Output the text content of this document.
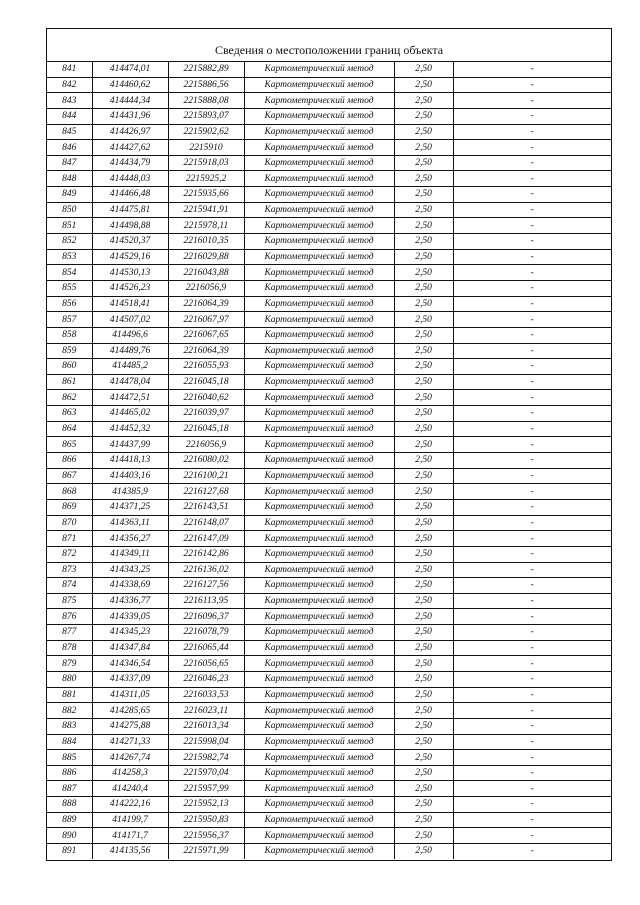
Сведения о местоположении границ объекта
841	414474,01	2215882,89	Картометрический метод	2,50	-
842	414460,62	2215886,56	Картометрический метод	2,50	-
843	414444,34	2215888,08	Картометрический метод	2,50	-
844	414431,96	2215893,07	Картометрический метод	2,50	-
845	414426,97	2215902,62	Картометрический метод	2,50	-
846	414427,62	2215910	Картометрический метод	2,50	-
847	414434,79	2215918,03	Картометрический метод	2,50	-
848	414448,03	2215925,2	Картометрический метод	2,50	-
849	414466,48	2215935,66	Картометрический метод	2,50	-
850	414475,81	2215941,91	Картометрический метод	2,50	-
851	414498,88	2215978,11	Картометрический метод	2,50	-
852	414520,37	2216010,35	Картометрический метод	2,50	-
853	414529,16	2216029,88	Картометрический метод	2,50	-
854	414530,13	2216043,88	Картометрический метод	2,50	-
855	414526,23	2216056,9	Картометрический метод	2,50	-
856	414518,41	2216064,39	Картометрический метод	2,50	-
857	414507,02	2216067,97	Картометрический метод	2,50	-
858	414496,6	2216067,65	Картометрический метод	2,50	-
859	414489,76	2216064,39	Картометрический метод	2,50	-
860	414485,2	2216055,93	Картометрический метод	2,50	-
861	414478,04	2216045,18	Картометрический метод	2,50	-
862	414472,51	2216040,62	Картометрический метод	2,50	-
863	414465,02	2216039,97	Картометрический метод	2,50	-
864	414452,32	2216045,18	Картометрический метод	2,50	-
865	414437,99	2216056,9	Картометрический метод	2,50	-
866	414418,13	2216080,02	Картометрический метод	2,50	-
867	414403,16	2216100,21	Картометрический метод	2,50	-
868	414385,9	2216127,68	Картометрический метод	2,50	-
869	414371,25	2216143,51	Картометрический метод	2,50	-
870	414363,11	2216148,07	Картометрический метод	2,50	-
871	414356,27	2216147,09	Картометрический метод	2,50	-
872	414349,11	2216142,86	Картометрический метод	2,50	-
873	414343,25	2216136,02	Картометрический метод	2,50	-
874	414338,69	2216127,56	Картометрический метод	2,50	-
875	414336,77	2216113,95	Картометрический метод	2,50	-
876	414339,05	2216096,37	Картометрический метод	2,50	-
877	414345,23	2216078,79	Картометрический метод	2,50	-
878	414347,84	2216065,44	Картометрический метод	2,50	-
879	414346,54	2216056,65	Картометрический метод	2,50	-
880	414337,09	2216046,23	Картометрический метод	2,50	-
881	414311,05	2216033,53	Картометрический метод	2,50	-
882	414285,65	2216023,11	Картометрический метод	2,50	-
883	414275,88	2216013,34	Картометрический метод	2,50	-
884	414271,33	2215998,04	Картометрический метод	2,50	-
885	414267,74	2215982,74	Картометрический метод	2,50	-
886	414258,3	2215970,04	Картометрический метод	2,50	-
887	414240,4	2215957,99	Картометрический метод	2,50	-
888	414222,16	2215952,13	Картометрический метод	2,50	-
889	414199,7	2215950,83	Картометрический метод	2,50	-
890	414171,7	2215956,37	Картометрический метод	2,50	-
891	414135,56	2215971,99	Картометрический метод	2,50	-
